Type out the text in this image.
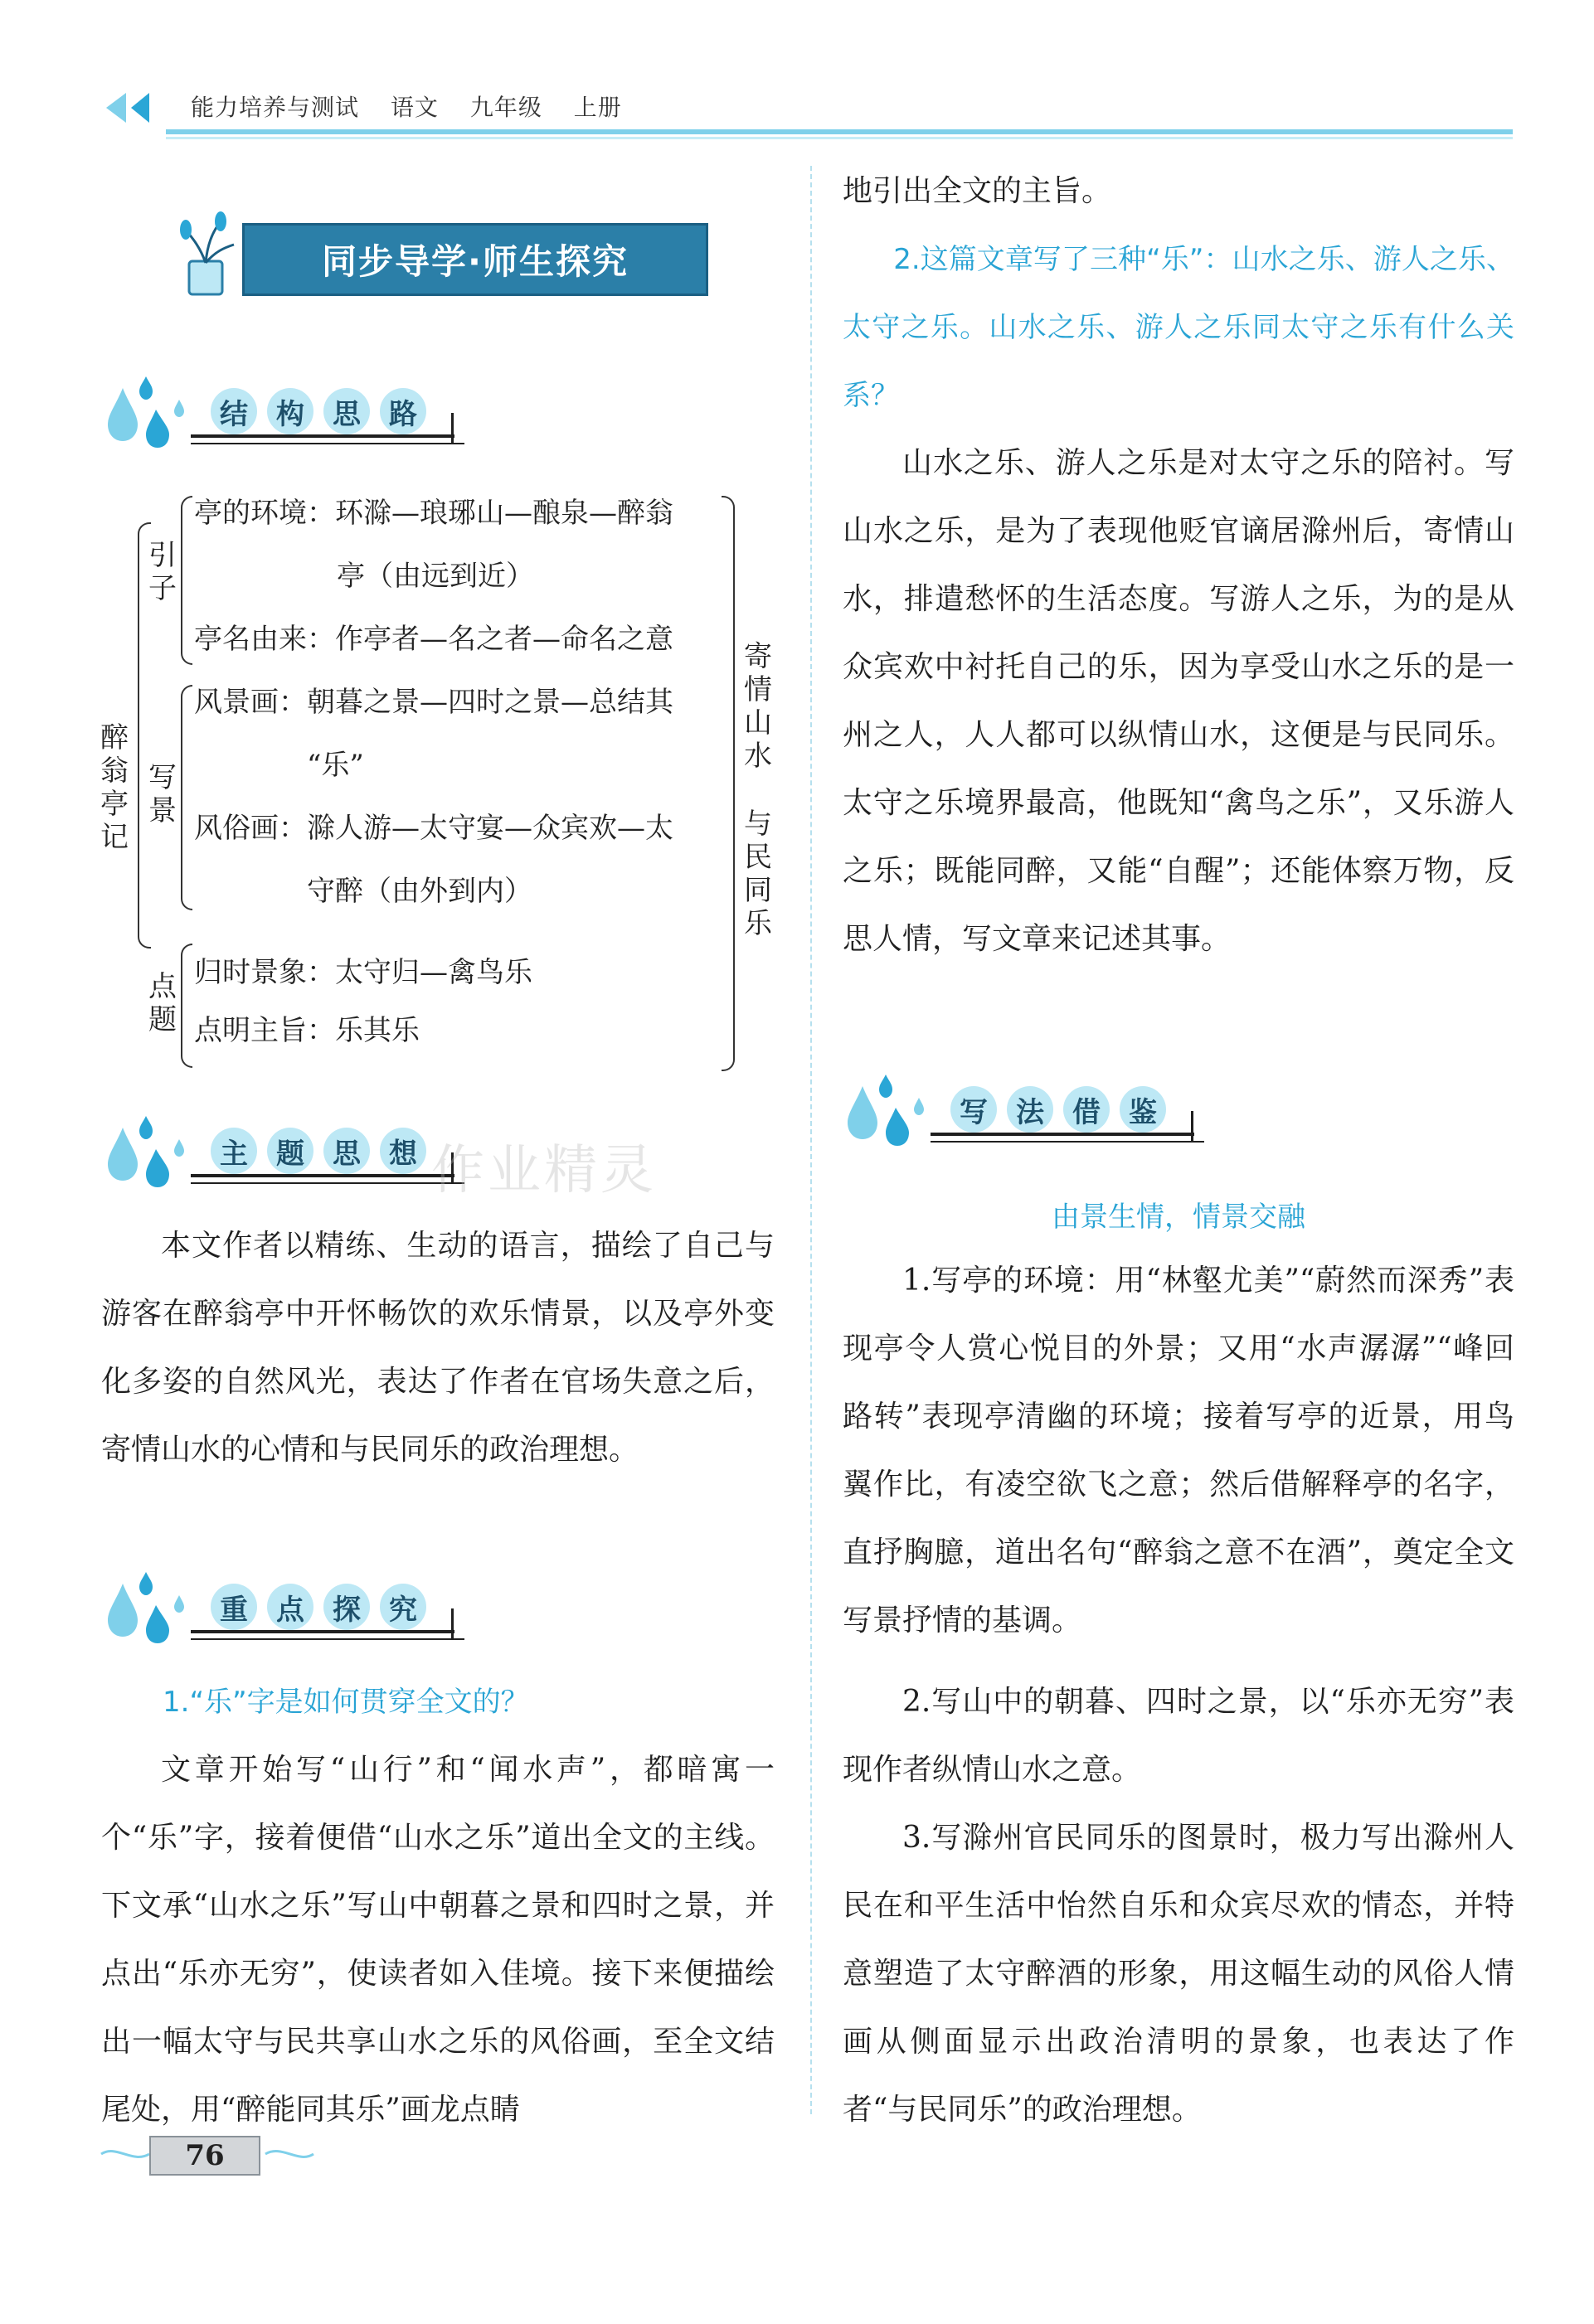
能力培养与测试 语文 九年级 上册
同步导学·师生探究
结	构	思	路
醉翁亭记
引子
亭的环境：环滁—琅琊山—酿泉—醉翁
亭（由远到近）
亭名由来：作亭者—名之者—命名之意
写景
风景画：朝暮之景—四时之景—总结其
“乐”
风俗画：滁人游—太守宴—众宾欢—太
守醉（由外到内）
点题
归时景象：太守归—禽鸟乐
点明主旨：乐其乐
寄情山水
与民同乐
主	题	思	想 作业精灵
本文作者以精练、生动的语言，描绘了自己与游客在醉翁亭中开怀畅饮的欢乐情景，以及亭外变化多姿的自然风光，表达了作者在官场失意之后，寄情山水的心情和与民同乐的政治理想。
重	点	探	究
1.“乐”字是如何贯穿全文的？
文章开始写“山行”和“闻水声”，都暗寓一个“乐”字，接着便借“山水之乐”道出全文的主线。下文承“山水之乐”写山中朝暮之景和四时之景，并点出“乐亦无穷”，使读者如入佳境。接下来便描绘出一幅太守与民共享山水之乐的风俗画，至全文结尾处，用“醉能同其乐”画龙点睛
地引出全文的主旨。
2.这篇文章写了三种“乐”：山水之乐、游人之乐、太守之乐。山水之乐、游人之乐同太守之乐有什么关系？
山水之乐、游人之乐是对太守之乐的陪衬。写山水之乐，是为了表现他贬官谪居滁州后，寄情山水，排遣愁怀的生活态度。写游人之乐，为的是从众宾欢中衬托自己的乐，因为享受山水之乐的是一州之人，人人都可以纵情山水，这便是与民同乐。太守之乐境界最高，他既知“禽鸟之乐”，又乐游人之乐；既能同醉，又能“自醒”；还能体察万物，反思人情，写文章来记述其事。
写	法	借	鉴
由景生情，情景交融
1.写亭的环境：用“林壑尤美”“蔚然而深秀”表现亭令人赏心悦目的外景；又用“水声潺潺”“峰回路转”表现亭清幽的环境；接着写亭的近景，用鸟翼作比，有凌空欲飞之意；然后借解释亭的名字，直抒胸臆，道出名句“醉翁之意不在酒”，奠定全文写景抒情的基调。
2.写山中的朝暮、四时之景，以“乐亦无穷”表现作者纵情山水之意。
3.写滁州官民同乐的图景时，极力写出滁州人民在和平生活中怡然自乐和众宾尽欢的情态，并特意塑造了太守醉酒的形象，用这幅生动的风俗人情画从侧面显示出政治清明的景象，也表达了作者“与民同乐”的政治理想。
76
